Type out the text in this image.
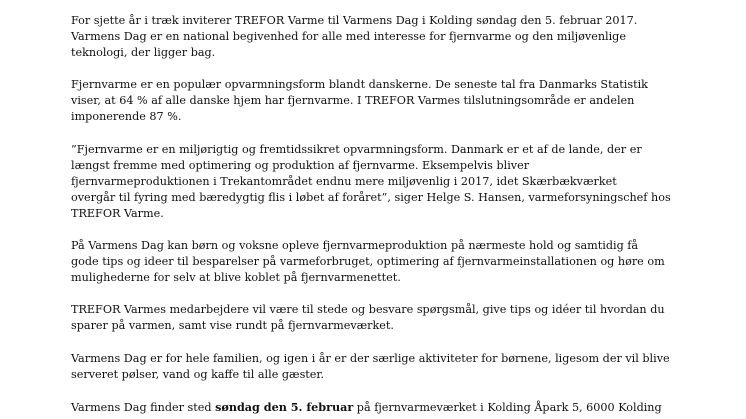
For sjette år i træk inviterer TREFOR Varme til Varmens Dag i Kolding søndag den 5. februar 2017.
Varmens Dag er en national begivenhed for alle med interesse for fjernvarme og den miljøvenlige
teknologi, der ligger bag.

Fjernvarme er en populær opvarmningsform blandt danskerne. De seneste tal fra Danmarks Statistik
viser, at 64 % af alle danske hjem har fjernvarme. I TREFOR Varmes tilslutningsområde er andelen
imponerende 87 %.

”Fjernvarme er en miljørigtig og fremtidssikret opvarmningsform. Danmark er et af de lande, der er
længst fremme med optimering og produktion af fjernvarme. Eksempelvis bliver
fjernvarmeproduktionen i Trekantområdet endnu mere miljøvenlig i 2017, idet Skærbækværket
overgår til fyring med bæredygtig flis i løbet af foråret”, siger Helge S. Hansen, varmeforsyningschef hos
TREFOR Varme.

På Varmens Dag kan børn og voksne opleve fjernvarmeproduktion på nærmeste hold og samtidig få
gode tips og ideer til besparelser på varmeforbruget, optimering af fjernvarmeinstallationen og høre om
mulighederne for selv at blive koblet på fjernvarmenettet.

TREFOR Varmes medarbejdere vil være til stede og besvare spørgsmål, give tips og idéer til hvordan du
sparer på varmen, samt vise rundt på fjernvarmeværket.

Varmens Dag er for hele familien, og igen i år er der særlige aktiviteter for børnene, ligesom der vil blive
serveret pølser, vand og kaffe til alle gæster.

Varmens Dag finder sted søndag den 5. februar på fjernvarmeværket i Kolding Åpark 5, 6000 Kolding
